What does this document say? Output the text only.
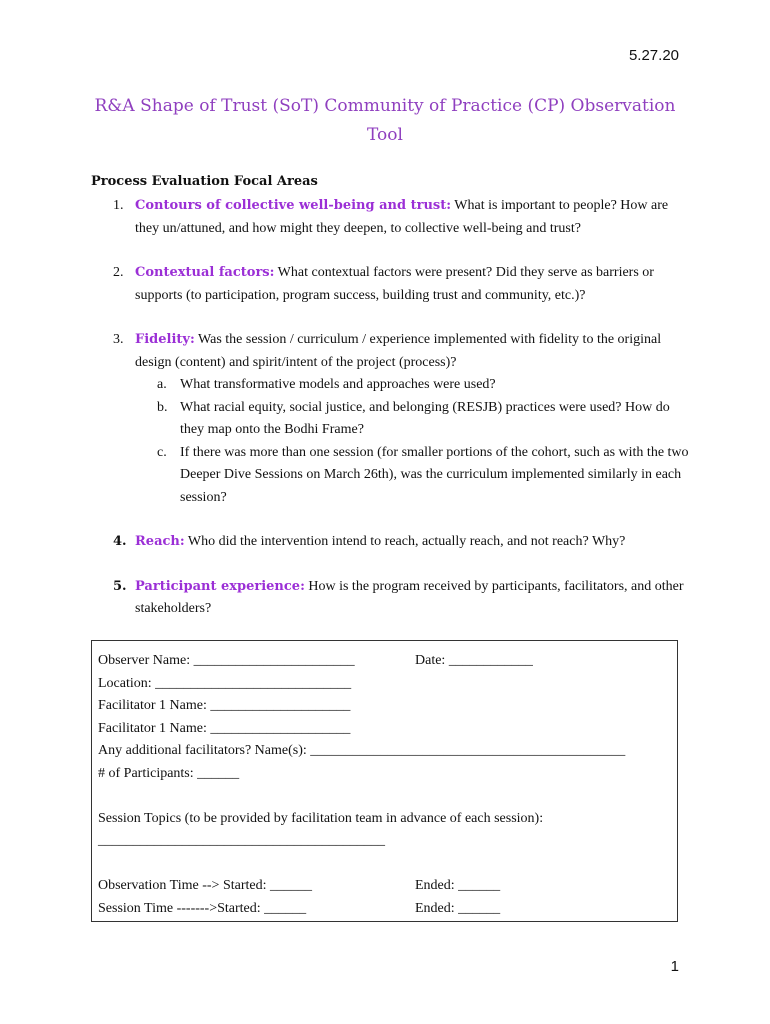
5.27.20
R&A Shape of Trust (SoT) Community of Practice (CP) Observation Tool
Process Evaluation Focal Areas
1. Contours of collective well-being and trust: What is important to people? How are they un/attuned, and how might they deepen, to collective well-being and trust?
2. Contextual factors: What contextual factors were present? Did they serve as barriers or supports (to participation, program success, building trust and community, etc.)?
3. Fidelity: Was the session / curriculum / experience implemented with fidelity to the original design (content) and spirit/intent of the project (process)?
a. What transformative models and approaches were used?
b. What racial equity, social justice, and belonging (RESJB) practices were used? How do they map onto the Bodhi Frame?
c. If there was more than one session (for smaller portions of the cohort, such as with the two Deeper Dive Sessions on March 26th), was the curriculum implemented similarly in each session?
4. Reach: Who did the intervention intend to reach, actually reach, and not reach? Why?
5. Participant experience: How is the program received by participants, facilitators, and other stakeholders?
Observer Name: _______________________	Date: ____________
Location: ____________________________
Facilitator 1 Name: ____________________
Facilitator 1 Name: ____________________
Any additional facilitators? Name(s): _____________________________________________
# of Participants: ______
Session Topics (to be provided by facilitation team in advance of each session):
_________________________________________
Observation Time --> Started: ______	Ended: ______
Session Time ------->Started: ______	Ended: ______
1
